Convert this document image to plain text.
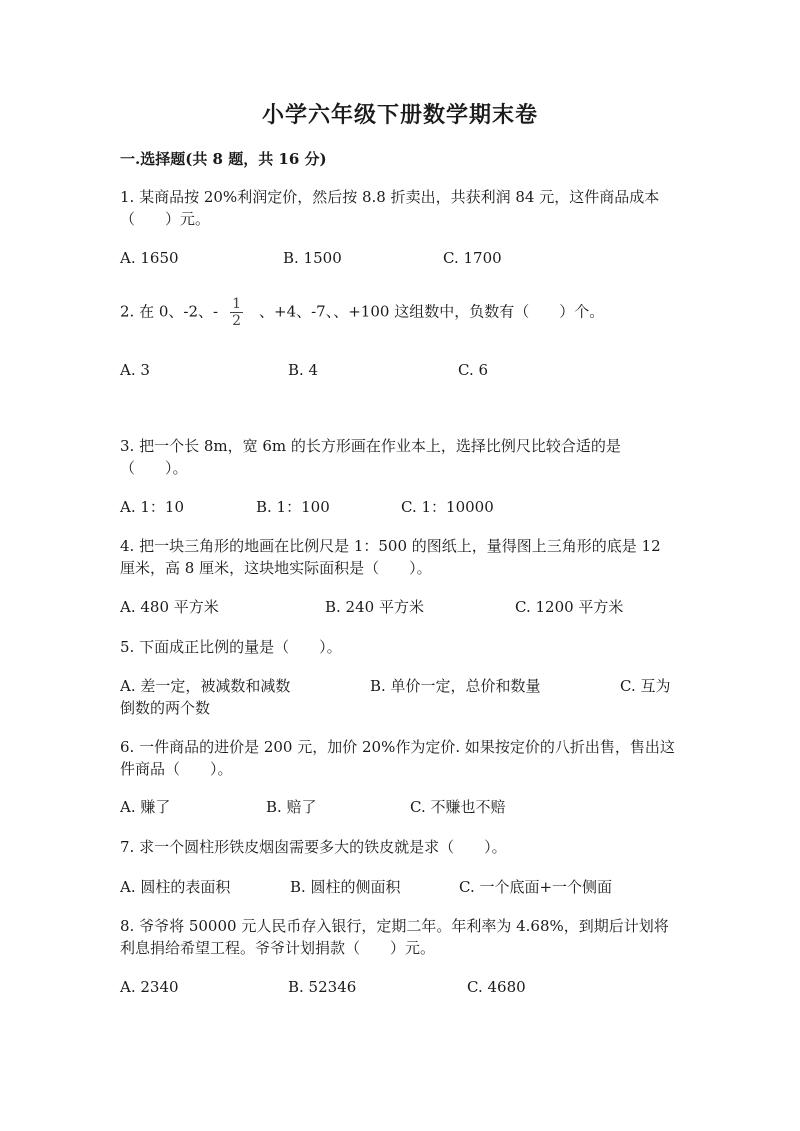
小学六年级下册数学期末卷
一.选择题(共 8 题，共 16 分)
1. 某商品按 20%利润定价，然后按 8.8 折卖出，共获利润 84 元，这件商品成本（　　）元。
A. 1650	B. 1500	C. 1700
2. 在 0、-2、- $\frac{1}{2}$ 、+4、-7、、+100 这组数中，负数有（　　）个。
A. 3	B. 4	C. 6
3. 把一个长 8m，宽 6m 的长方形画在作业本上，选择比例尺比较合适的是（　　）。
A. 1：10	B. 1：100	C. 1：10000
4. 把一块三角形的地画在比例尺是 1：500 的图纸上，量得图上三角形的底是 12 厘米，高 8 厘米，这块地实际面积是（　　）。
A. 480 平方米	B. 240 平方米	C. 1200 平方米
5. 下面成正比例的量是（　　）。
A. 差一定，被减数和减数	B. 单价一定，总价和数量	C. 互为倒数的两个数
6. 一件商品的进价是 200 元，加价 20%作为定价. 如果按定价的八折出售，售出这件商品（　　）。
A. 赚了	B. 赔了	C. 不赚也不赔
7. 求一个圆柱形铁皮烟囱需要多大的铁皮就是求（　　）。
A. 圆柱的表面积	B. 圆柱的侧面积	C. 一个底面+一个侧面
8. 爷爷将 50000 元人民币存入银行，定期二年。年利率为 4.68%，到期后计划将利息捐给希望工程。爷爷计划捐款（　　）元。
A. 2340	B. 52346	C. 4680
